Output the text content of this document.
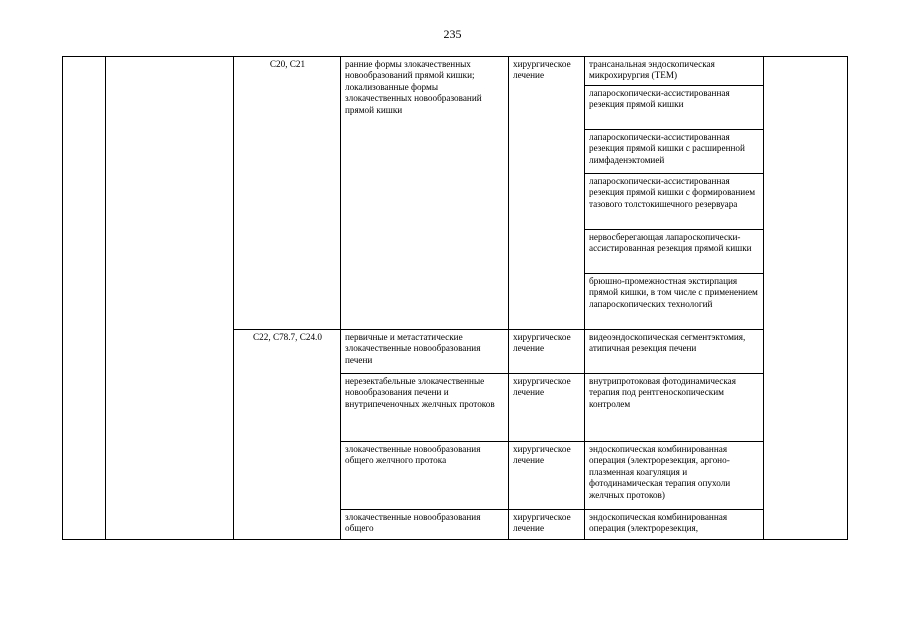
235
		C20, C21	ранние формы злокачественных новообразований прямой кишки; локализованные формы злокачественных новообразований прямой кишки	хирургическое лечение	трансанальная эндоскопическая микрохирургия (TEM)	
					лапароскопически-ассистированная резекция прямой кишки	
					лапароскопически-ассистированная резекция прямой кишки с расширенной лимфаденэктомией	
					лапароскопически-ассистированная резекция прямой кишки с формированием тазового толстокишечного резервуара	
					нервосберегающая лапароскопически-ассистированная резекция прямой кишки	
					брюшно-промежностная экстирпация прямой кишки, в том числе с применением лапароскопических технологий	
		C22, C78.7, C24.0	первичные и метастатические злокачественные новообразования печени	хирургическое лечение	видеоэндоскопическая сегментэктомия, атипичная резекция печени	
			нерезектабельные злокачественные новообразования печени и внутрипеченочных желчных протоков	хирургическое лечение	внутрипротоковая фотодинамическая терапия под рентгеноскопическим контролем	
			злокачественные новообразования общего желчного протока	хирургическое лечение	эндоскопическая комбинированная операция (электрорезекция, аргоно-плазменная коагуляция и фотодинамическая терапия опухоли желчных протоков)	
			злокачественные новообразования общего	хирургическое лечение	эндоскопическая комбинированная операция (электрорезекция,	
